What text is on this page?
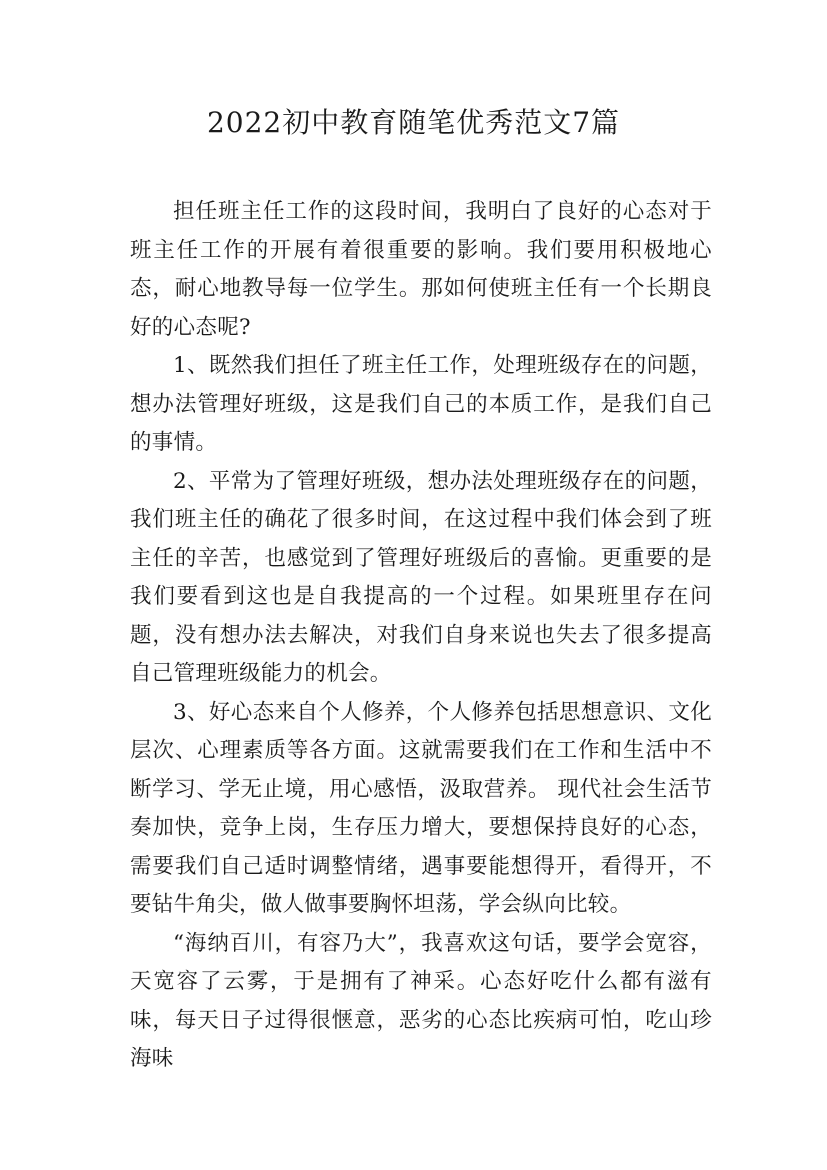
2022初中教育随笔优秀范文7篇

担任班主任工作的这段时间，我明白了良好的心态对于班主任工作的开展有着很重要的影响。我们要用积极地心态，耐心地教导每一位学生。那如何使班主任有一个长期良好的心态呢?

1、既然我们担任了班主任工作，处理班级存在的问题，想办法管理好班级，这是我们自己的本质工作，是我们自己的事情。

2、平常为了管理好班级，想办法处理班级存在的问题，我们班主任的确花了很多时间，在这过程中我们体会到了班主任的辛苦，也感觉到了管理好班级后的喜愉。更重要的是我们要看到这也是自我提高的一个过程。如果班里存在问题，没有想办法去解决，对我们自身来说也失去了很多提高自己管理班级能力的机会。

3、好心态来自个人修养，个人修养包括思想意识、文化层次、心理素质等各方面。这就需要我们在工作和生活中不断学习、学无止境，用心感悟，汲取营养。 现代社会生活节奏加快，竞争上岗，生存压力增大，要想保持良好的心态，需要我们自己适时调整情绪，遇事要能想得开，看得开，不要钻牛角尖，做人做事要胸怀坦荡，学会纵向比较。

“海纳百川，有容乃大”，我喜欢这句话，要学会宽容，天宽容了云雾，于是拥有了神采。心态好吃什么都有滋有味，每天日子过得很惬意，恶劣的心态比疾病可怕，吃山珍海味
